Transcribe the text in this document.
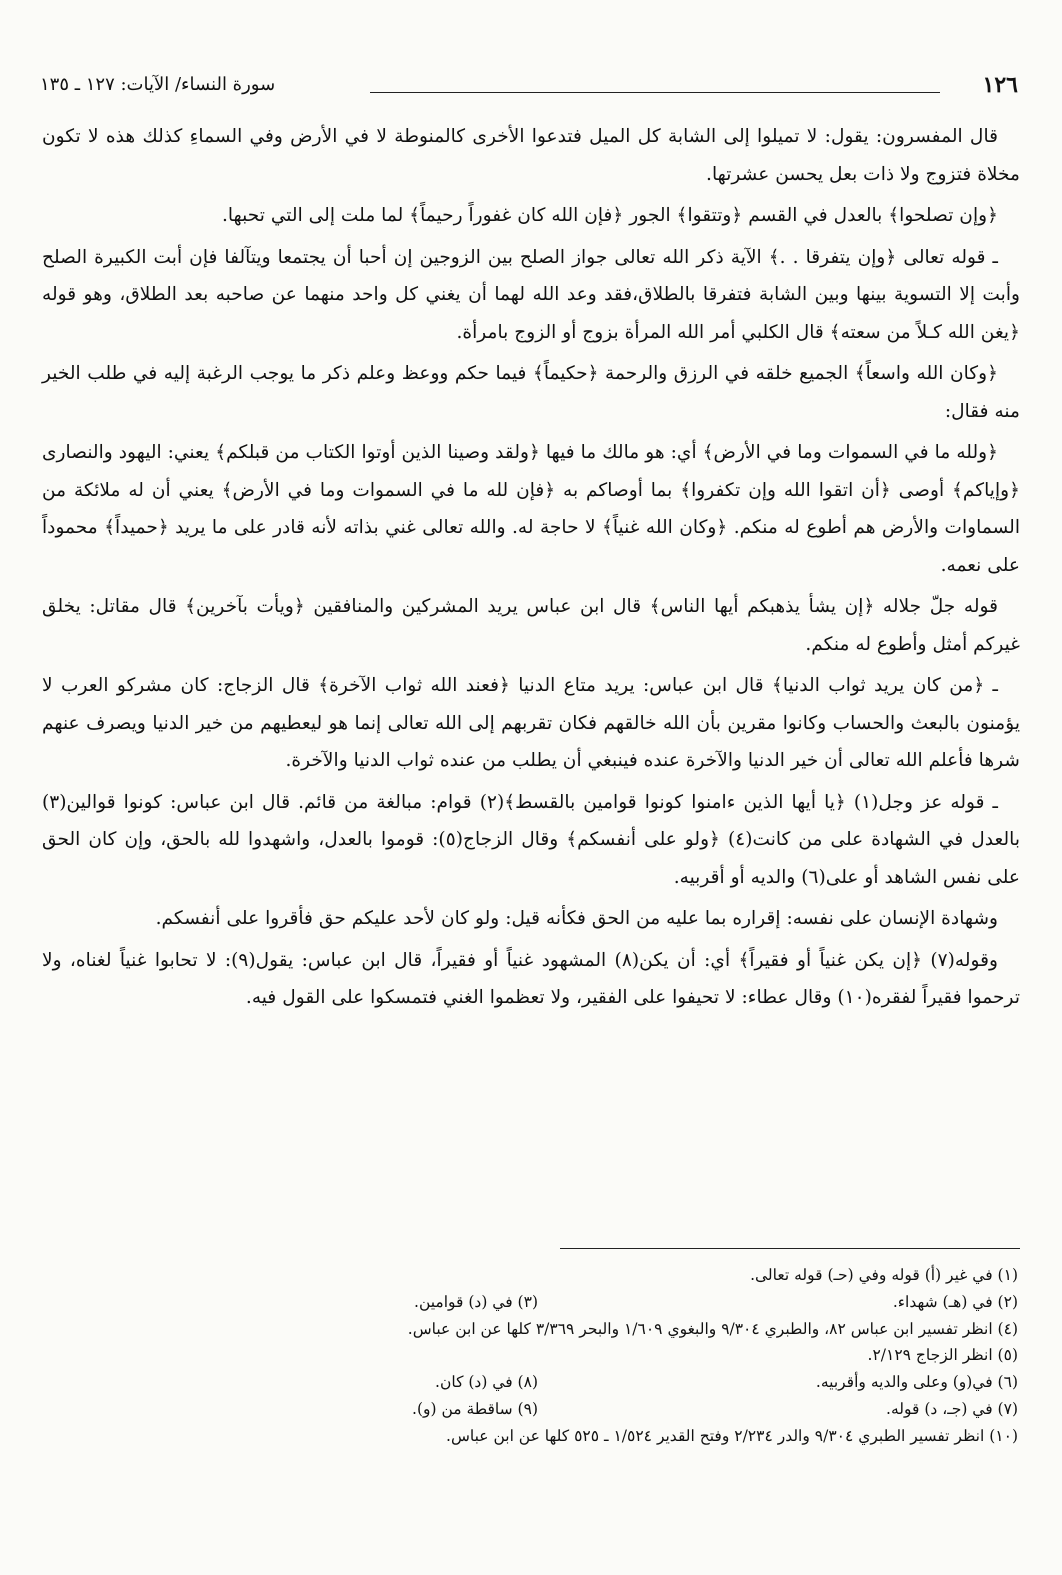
١٢٦
سورة النساء/ الآيات: ١٢٧ ـ ١٣٥

قال المفسرون: يقول: لا تميلوا إلى الشابة كل الميل فتدعوا الأخرى كالمنوطة لا في الأرض وفي السماءِ كذلك هذه لا تكون مخلاة فتزوج ولا ذات بعل يحسن عشرتها.

﴿وإن تصلحوا﴾ بالعدل في القسم ﴿وتتقوا﴾ الجور ﴿فإن الله كان غفوراً رحيماً﴾ لما ملت إلى التي تحبها.

ـ قوله تعالى ﴿وإن يتفرقا . .﴾ الآية ذكر الله تعالى جواز الصلح بين الزوجين إن أحبا أن يجتمعا ويتآلفا فإن أبت الكبيرة الصلح وأبت إلا التسوية بينها وبين الشابة فتفرقا بالطلاق،فقد وعد الله لهما أن يغني كل واحد منهما عن صاحبه بعد الطلاق، وهو قوله ﴿يغن الله كـلاً من سعته﴾ قال الكلبي أمر الله المرأة بزوج أو الزوج بامرأة.

﴿وكان الله واسعاً﴾ الجميع خلقه في الرزق والرحمة ﴿حكيماً﴾ فيما حكم ووعظ وعلم ذكر ما يوجب الرغبة إليه في طلب الخير منه فقال:

﴿ولله ما في السموات وما في الأرض﴾ أي: هو مالك ما فيها ﴿ولقد وصينا الذين أوتوا الكتاب من قبلكم﴾ يعني: اليهود والنصارى ﴿وإياكم﴾ أوصى ﴿أن اتقوا الله وإن تكفروا﴾ بما أوصاكم به ﴿فإن لله ما في السموات وما في الأرض﴾ يعني أن له ملائكة من السماوات والأرض هم أطوع له منكم. ﴿وكان الله غنياً﴾ لا حاجة له. والله تعالى غني بذاته لأنه قادر على ما يريد ﴿حميداً﴾ محموداً على نعمه.

قوله جلّ جلاله ﴿إن يشأ يذهبكم أيها الناس﴾ قال ابن عباس يريد المشركين والمنافقين ﴿ويأت بآخرين﴾ قال مقاتل: يخلق غيركم أمثل وأطوع له منكم.

ـ ﴿من كان يريد ثواب الدنيا﴾ قال ابن عباس: يريد متاع الدنيا ﴿فعند الله ثواب الآخرة﴾ قال الزجاج: كان مشركو العرب لا يؤمنون بالبعث والحساب وكانوا مقرين بأن الله خالقهم فكان تقربهم إلى الله تعالى إنما هو ليعطيهم من خير الدنيا ويصرف عنهم شرها فأعلم الله تعالى أن خير الدنيا والآخرة عنده فينبغي أن يطلب من عنده ثواب الدنيا والآخرة.

ـ قوله عز وجل(١) ﴿يا أيها الذين ءامنوا كونوا قوامين بالقسط﴾(٢) قوام: مبالغة من قائم. قال ابن عباس: كونوا قوالين(٣) بالعدل في الشهادة على من كانت(٤) ﴿ولو على أنفسكم﴾ وقال الزجاج(٥): قوموا بالعدل، واشهدوا لله بالحق، وإن كان الحق على نفس الشاهد أو على(٦) والديه أو أقربيه.

وشهادة الإنسان على نفسه: إقراره بما عليه من الحق فكأنه قيل: ولو كان لأحد عليكم حق فأقروا على أنفسكم.

وقوله(٧) ﴿إن يكن غنياً أو فقيراً﴾ أي: أن يكن(٨) المشهود غنياً أو فقيراً، قال ابن عباس: يقول(٩): لا تحابوا غنياً لغناه، ولا ترحموا فقيراً لفقره(١٠) وقال عطاء: لا تحيفوا على الفقير، ولا تعظموا الغني فتمسكوا على القول فيه.

(١) في غير (أ) قوله وفي (حـ) قوله تعالى.
(٢) في (هـ) شهداء.
(٣) في (د) قوامين.
(٤) انظر تفسير ابن عباس ٨٢، والطبري ٩/٣٠٤ والبغوي ١/٦٠٩ والبحر ٣/٣٦٩ كلها عن ابن عباس.
(٥) انظر الزجاج ٢/١٢٩.
(٦) في(و) وعلى والديه وأقربيه.
(٨) في (د) كان.
(٧) في (جـ، د) قوله.
(٩) ساقطة من (و).
(١٠) انظر تفسير الطبري ٩/٣٠٤ والدر ٢/٢٣٤ وفتح القدير ١/٥٢٤ ـ ٥٢٥ كلها عن ابن عباس.
